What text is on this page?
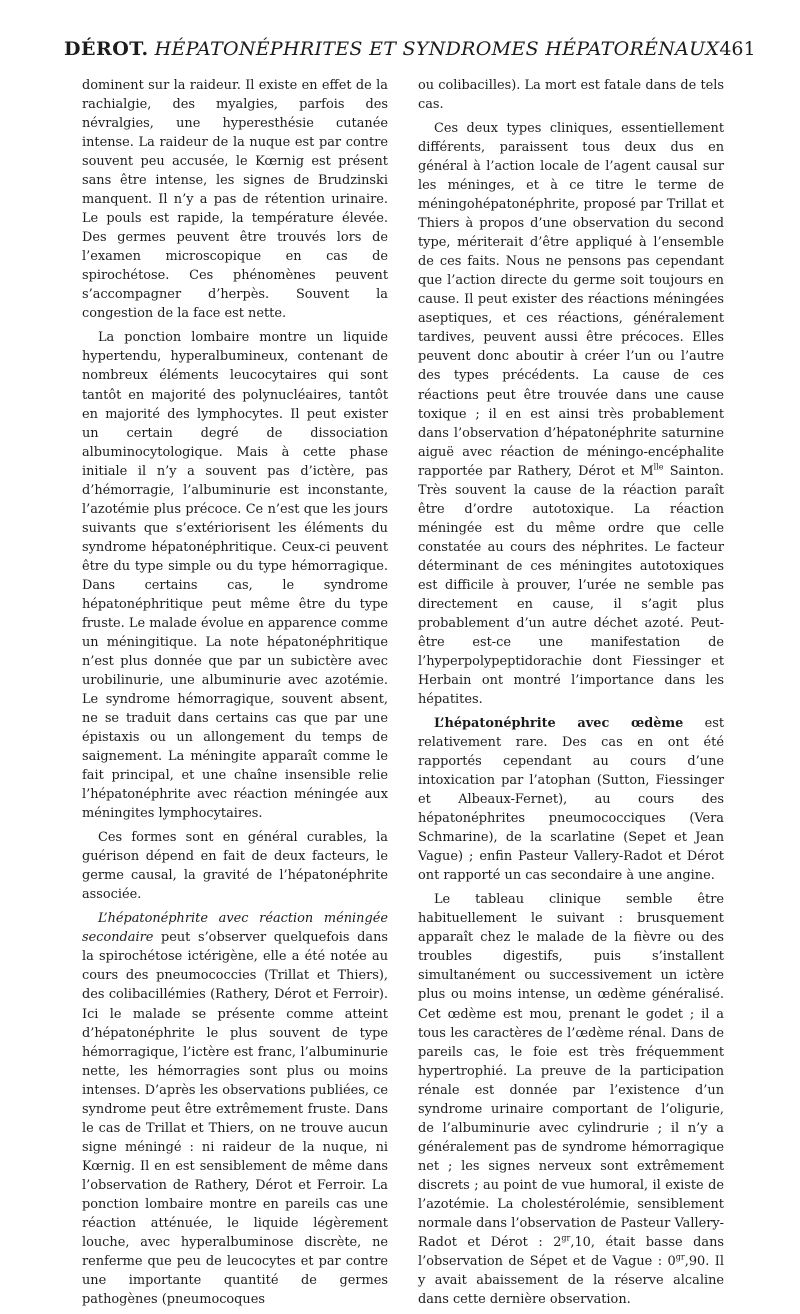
DÉROT. HÉPATONÉPHRITES ET SYNDROMES HÉPATORÉNAUX 461

dominent sur la raideur. Il existe en effet de la rachialgie, des myalgies, parfois des névralgies, une hyperesthésie cutanée intense. La raideur de la nuque est par contre souvent peu accusée, le Kœrnig est présent sans être intense, les signes de Brudzinski manquent. Il n’y a pas de rétention urinaire. Le pouls est rapide, la température élevée. Des germes peuvent être trouvés lors de l’examen microscopique en cas de spirochétose. Ces phénomènes peuvent s’accompagner d’herpès. Souvent la congestion de la face est nette.

La ponction lombaire montre un liquide hypertendu, hyperalbumineux, contenant de nombreux éléments leucocytaires qui sont tantôt en majorité des polynucléaires, tantôt en majorité des lymphocytes. Il peut exister un certain degré de dissociation albuminocytologique. Mais à cette phase initiale il n’y a souvent pas d’ictère, pas d’hémorragie, l’albuminurie est inconstante, l’azotémie plus précoce. Ce n’est que les jours suivants que s’extériorisent les éléments du syndrome hépatonéphritique. Ceux-ci peuvent être du type simple ou du type hémorragique. Dans certains cas, le syndrome hépatonéphritique peut même être du type fruste. Le malade évolue en apparence comme un méningitique. La note hépatonéphritique n’est plus donnée que par un subictère avec urobilinurie, une albuminurie avec azotémie. Le syndrome hémorragique, souvent absent, ne se traduit dans certains cas que par une épistaxis ou un allongement du temps de saignement. La méningite apparaît comme le fait principal, et une chaîne insensible relie l’hépatonéphrite avec réaction méningée aux méningites lymphocytaires.

Ces formes sont en général curables, la guérison dépend en fait de deux facteurs, le germe causal, la gravité de l’hépatonéphrite associée.

L’hépatonéphrite avec réaction méningée secondaire peut s’observer quelquefois dans la spirochétose ictérigène, elle a été notée au cours des pneumococcies (Trillat et Thiers), des colibacillémies (Rathery, Dérot et Ferroir). Ici le malade se présente comme atteint d’hépatonéphrite le plus souvent de type hémorragique, l’ictère est franc, l’albuminurie nette, les hémorragies sont plus ou moins intenses. D’après les observations publiées, ce syndrome peut être extrêmement fruste. Dans le cas de Trillat et Thiers, on ne trouve aucun signe méningé : ni raideur de la nuque, ni Kœrnig. Il en est sensiblement de même dans l’observation de Rathery, Dérot et Ferroir. La ponction lombaire montre en pareils cas une réaction atténuée, le liquide légèrement louche, avec hyperalbuminose discrète, ne renferme que peu de leucocytes et par contre une importante quantité de germes pathogènes (pneumocoques

ou colibacilles). La mort est fatale dans de tels cas.

Ces deux types cliniques, essentiellement différents, paraissent tous deux dus en général à l’action locale de l’agent causal sur les méninges, et à ce titre le terme de méningohépatonéphrite, proposé par Trillat et Thiers à propos d’une observation du second type, mériterait d’être appliqué à l’ensemble de ces faits. Nous ne pensons pas cependant que l’action directe du germe soit toujours en cause. Il peut exister des réactions méningées aseptiques, et ces réactions, généralement tardives, peuvent aussi être précoces. Elles peuvent donc aboutir à créer l’un ou l’autre des types précédents. La cause de ces réactions peut être trouvée dans une cause toxique ; il en est ainsi très probablement dans l’observation d’hépatonéphrite saturnine aiguë avec réaction de méningo-encéphalite rapportée par Rathery, Dérot et $M^{lle}$ Sainton. Très souvent la cause de la réaction paraît être d’ordre autotoxique. La réaction méningée est du même ordre que celle constatée au cours des néphrites. Le facteur déterminant de ces méningites autotoxiques est difficile à prouver, l’urée ne semble pas directement en cause, il s’agit plus probablement d’un autre déchet azoté. Peut-être est-ce une manifestation de l’hyperpolypeptidorachie dont Fiessinger et Herbain ont montré l’importance dans les hépatites.

L’hépatonéphrite avec œdème est relativement rare. Des cas en ont été rapportés cependant au cours d’une intoxication par l’atophan (Sutton, Fiessinger et Albeaux-Fernet), au cours des hépatonéphrites pneumococciques (Vera Schmarine), de la scarlatine (Sepet et Jean Vague) ; enfin Pasteur Vallery-Radot et Dérot ont rapporté un cas secondaire à une angine.

Le tableau clinique semble être habituellement le suivant : brusquement apparaît chez le malade de la fièvre ou des troubles digestifs, puis s’installent simultanément ou successivement un ictère plus ou moins intense, un œdème généralisé. Cet œdème est mou, prenant le godet ; il a tous les caractères de l’œdème rénal. Dans de pareils cas, le foie est très fréquemment hypertrophié. La preuve de la participation rénale est donnée par l’existence d’un syndrome urinaire comportant de l’oligurie, de l’albuminurie avec cylindrurie ; il n’y a généralement pas de syndrome hémorragique net ; les signes nerveux sont extrêmement discrets ; au point de vue humoral, il existe de l’azotémie. La cholestérolémie, sensiblement normale dans l’observation de Pasteur Vallery-Radot et Dérot : $2^{gr},10$, était basse dans l’observation de Sépet et de Vague : $0^{gr},90$. Il y avait abaissement de la réserve alcaline dans cette dernière observation.
